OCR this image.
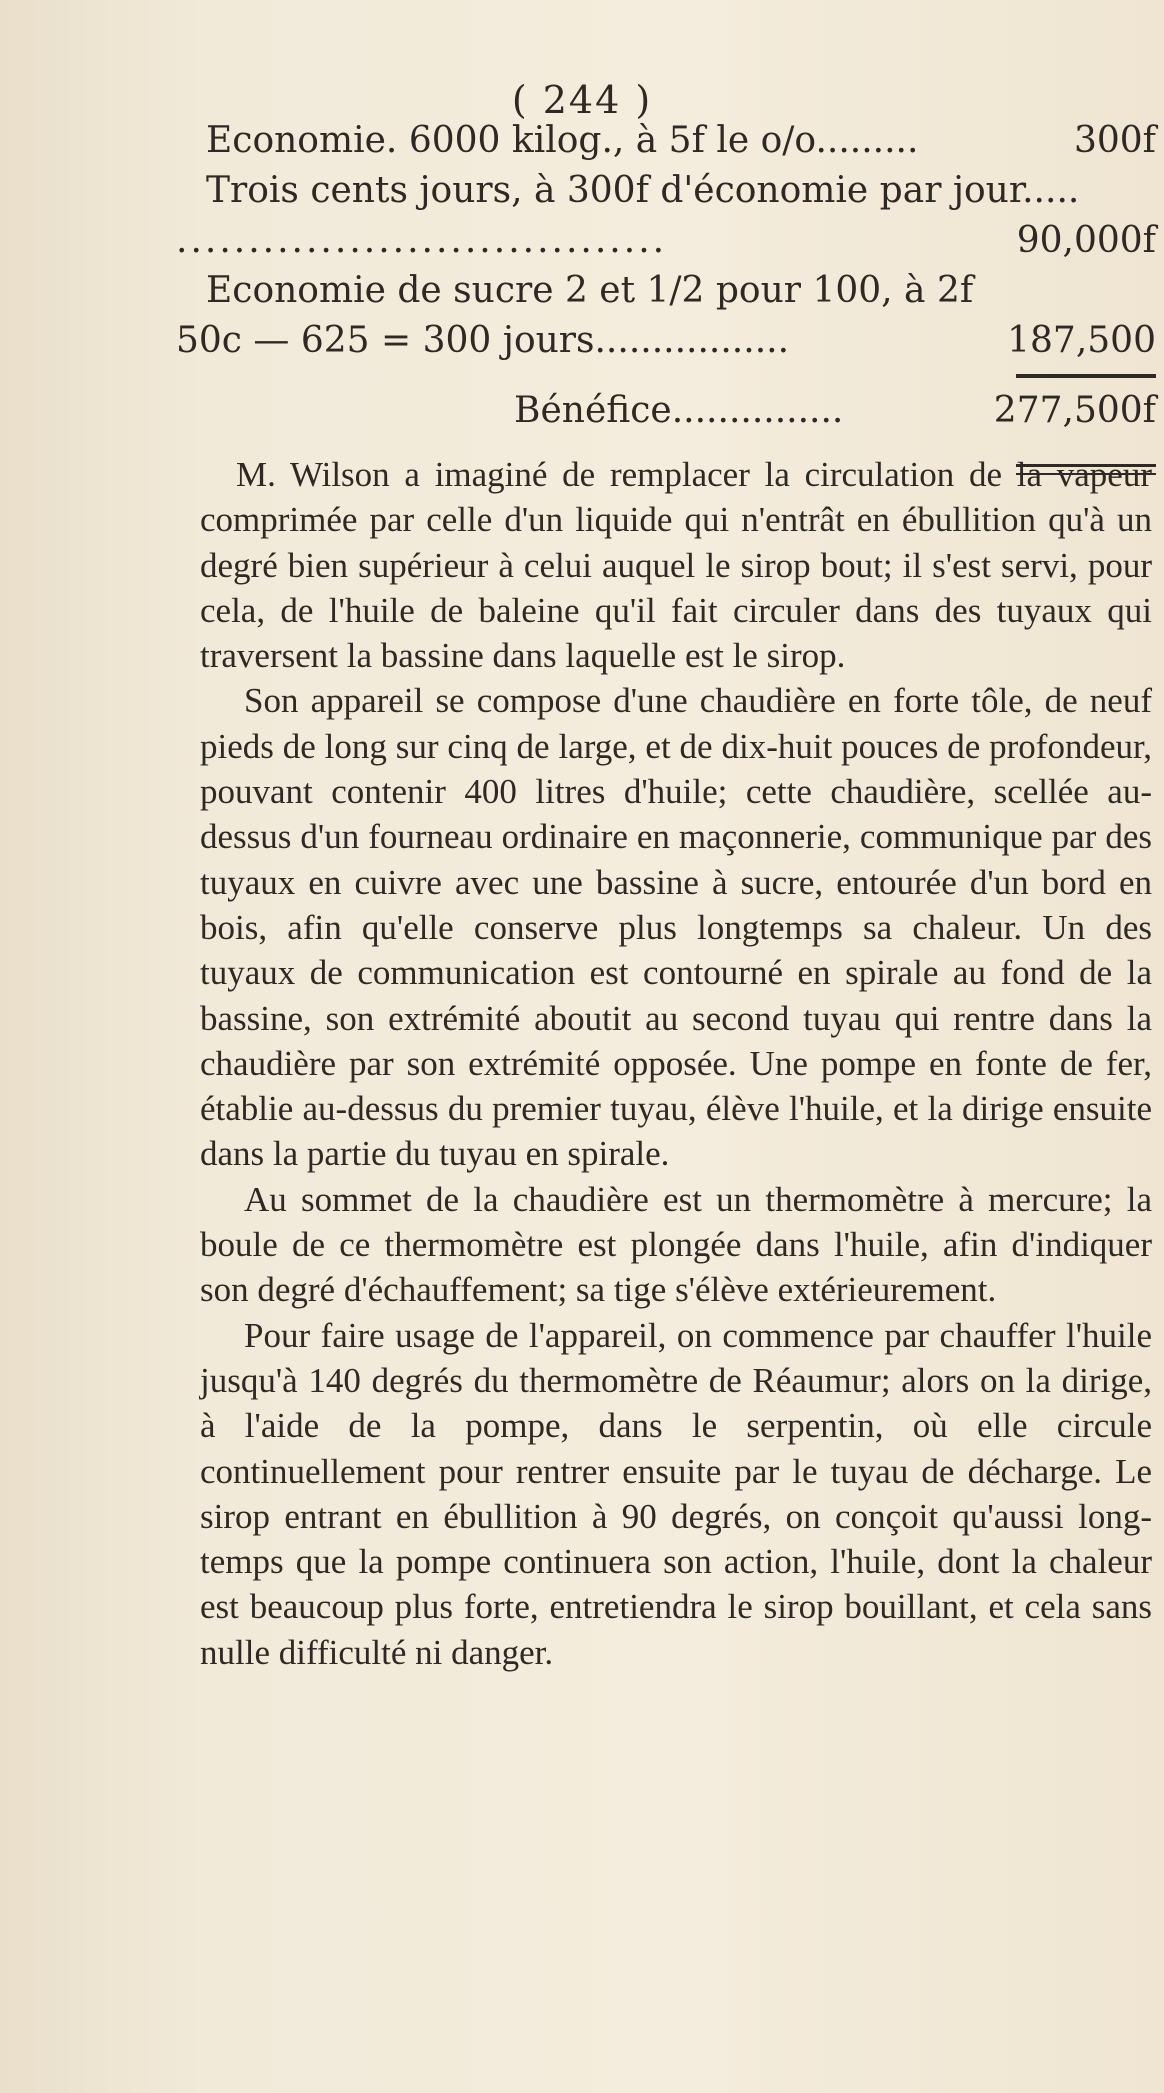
( 244 )
Economie. 6000 kilog., à 5f le o/o.........	300f
Trois cents jours, à 300f d'économie par jour.....
..................................	90,000f
Economie de sucre 2 et 1/2 pour 100, à 2f
50c — 625 = 300 jours.................	187,500
Bénéfice...............	277,500f

M. Wilson a imaginé de remplacer la circulation de la vapeur comprimée par celle d'un liquide qui n'entrât en ébullition qu'à un degré bien supérieur à celui auquel le sirop bout; il s'est servi, pour cela, de l'huile de baleine qu'il fait circuler dans des tuyaux qui traversent la bassine dans laquelle est le sirop.

Son appareil se compose d'une chaudière en forte tôle, de neuf pieds de long sur cinq de large, et de dix-huit pouces de profondeur, pouvant contenir 400 litres d'huile; cette chaudière, scellée au-dessus d'un fourneau ordinaire en maçonnerie, communique par des tuyaux en cuivre avec une bassine à sucre, entourée d'un bord en bois, afin qu'elle conserve plus longtemps sa chaleur. Un des tuyaux de communication est contourné en spirale au fond de la bassine, son extrémité aboutit au second tuyau qui rentre dans la chaudière par son extrémité opposée. Une pompe en fonte de fer, établie au-dessus du premier tuyau, élève l'huile, et la dirige ensuite dans la partie du tuyau en spirale.

Au sommet de la chaudière est un thermomètre à mercure; la boule de ce thermomètre est plongée dans l'huile, afin d'indiquer son degré d'échauffement; sa tige s'élève extérieurement.

Pour faire usage de l'appareil, on commence par chauffer l'huile jusqu'à 140 degrés du thermomètre de Réaumur; alors on la dirige, à l'aide de la pompe, dans le serpentin, où elle circule continuellement pour rentrer ensuite par le tuyau de décharge. Le sirop entrant en ébullition à 90 degrés, on conçoit qu'aussi long-temps que la pompe continuera son action, l'huile, dont la chaleur est beaucoup plus forte, entretiendra le sirop bouillant, et cela sans nulle difficulté ni danger.
